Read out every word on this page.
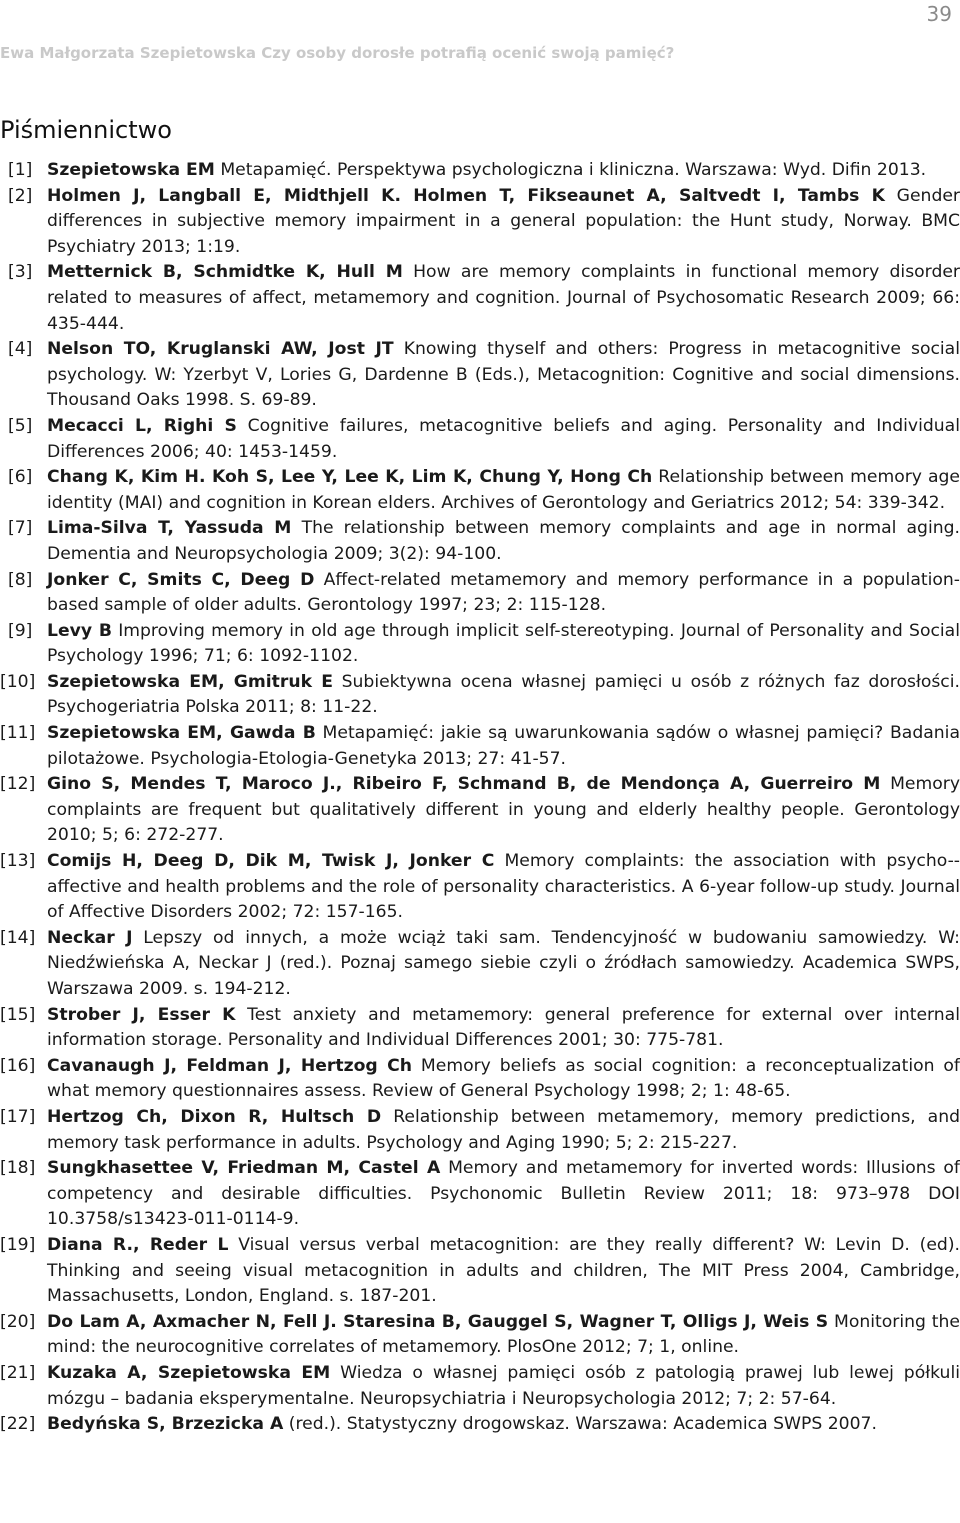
39
Ewa Małgorzata Szepietowska Czy osoby dorosłe potrafią ocenić swoją pamięć?
Piśmiennictwo
[1] Szepietowska EM Metapamięć. Perspektywa psychologiczna i kliniczna. Warszawa: Wyd. Difin 2013.
[2] Holmen J, Langball E, Midthjell K. Holmen T, Fikseaunet A, Saltvedt I, Tambs K Gender differences in subjective memory impairment in a general population: the Hunt study, Norway. BMC Psychiatry 2013; 1:19.
[3] Metternick B, Schmidtke K, Hull M How are memory complaints in functional memory disorder related to measures of affect, metamemory and cognition. Journal of Psychosomatic Research 2009; 66: 435-444.
[4] Nelson TO, Kruglanski AW, Jost JT Knowing thyself and others: Progress in metacognitive social psychology. W: Yzerbyt V, Lories G, Dardenne B (Eds.), Metacognition: Cognitive and social dimensions. Thousand Oaks 1998. S. 69-89.
[5] Mecacci L, Righi S Cognitive failures, metacognitive beliefs and aging. Personality and Individual Differences 2006; 40: 1453-1459.
[6] Chang K, Kim H. Koh S, Lee Y, Lee K, Lim K, Chung Y, Hong Ch Relationship between memory age identity (MAI) and cognition in Korean elders. Archives of Gerontology and Geriatrics 2012; 54: 339-342.
[7] Lima-Silva T, Yassuda M The relationship between memory complaints and age in normal aging. Dementia and Neuropsychologia 2009; 3(2): 94-100.
[8] Jonker C, Smits C, Deeg D Affect-related metamemory and memory performance in a population-based sample of older adults. Gerontology 1997; 23; 2: 115-128.
[9] Levy B Improving memory in old age through implicit self-stereotyping. Journal of Personality and Social Psychology 1996; 71; 6: 1092-1102.
[10] Szepietowska EM, Gmitruk E Subiektywna ocena własnej pamięci u osób z różnych faz dorosłości. Psychogeriatria Polska 2011; 8: 11-22.
[11] Szepietowska EM, Gawda B Metapamięć: jakie są uwarunkowania sądów o własnej pamięci? Badania pilotażowe. Psychologia-Etologia-Genetyka 2013; 27: 41-57.
[12] Gino S, Mendes T, Maroco J., Ribeiro F, Schmand B, de Mendonça A, Guerreiro M Memory complaints are frequent but qualitatively different in young and elderly healthy people. Gerontology 2010; 5; 6: 272-277.
[13] Comijs H, Deeg D, Dik M, Twisk J, Jonker C Memory complaints: the association with psycho--affective and health problems and the role of personality characteristics. A 6-year follow-up study. Journal of Affective Disorders 2002; 72: 157-165.
[14] Neckar J Lepszy od innych, a może wciąż taki sam. Tendencyjność w budowaniu samowiedzy. W: Niedźwieńska A, Neckar J (red.). Poznaj samego siebie czyli o źródłach samowiedzy. Academica SWPS, Warszawa 2009. s. 194-212.
[15] Strober J, Esser K Test anxiety and metamemory: general preference for external over internal information storage. Personality and Individual Differences 2001; 30: 775-781.
[16] Cavanaugh J, Feldman J, Hertzog Ch Memory beliefs as social cognition: a reconceptualization of what memory questionnaires assess. Review of General Psychology 1998; 2; 1: 48-65.
[17] Hertzog Ch, Dixon R, Hultsch D Relationship between metamemory, memory predictions, and memory task performance in adults. Psychology and Aging 1990; 5; 2: 215-227.
[18] Sungkhasettee V, Friedman M, Castel A Memory and metamemory for inverted words: Illusions of competency and desirable difficulties. Psychonomic Bulletin Review 2011; 18: 973–978 DOI 10.3758/s13423-011-0114-9.
[19] Diana R., Reder L Visual versus verbal metacognition: are they really different? W: Levin D. (ed). Thinking and seeing visual metacognition in adults and children, The MIT Press 2004, Cambridge, Massachusetts, London, England. s. 187-201.
[20] Do Lam A, Axmacher N, Fell J. Staresina B, Gauggel S, Wagner T, Olligs J, Weis S Monitoring the mind: the neurocognitive correlates of metamemory. PlosOne 2012; 7; 1, online.
[21] Kuzaka A, Szepietowska EM Wiedza o własnej pamięci osób z patologią prawej lub lewej półkuli mózgu – badania eksperymentalne. Neuropsychiatria i Neuropsychologia 2012; 7; 2: 57-64.
[22] Bedyńska S, Brzezicka A (red.). Statystyczny drogowskaz. Warszawa: Academica SWPS 2007.
